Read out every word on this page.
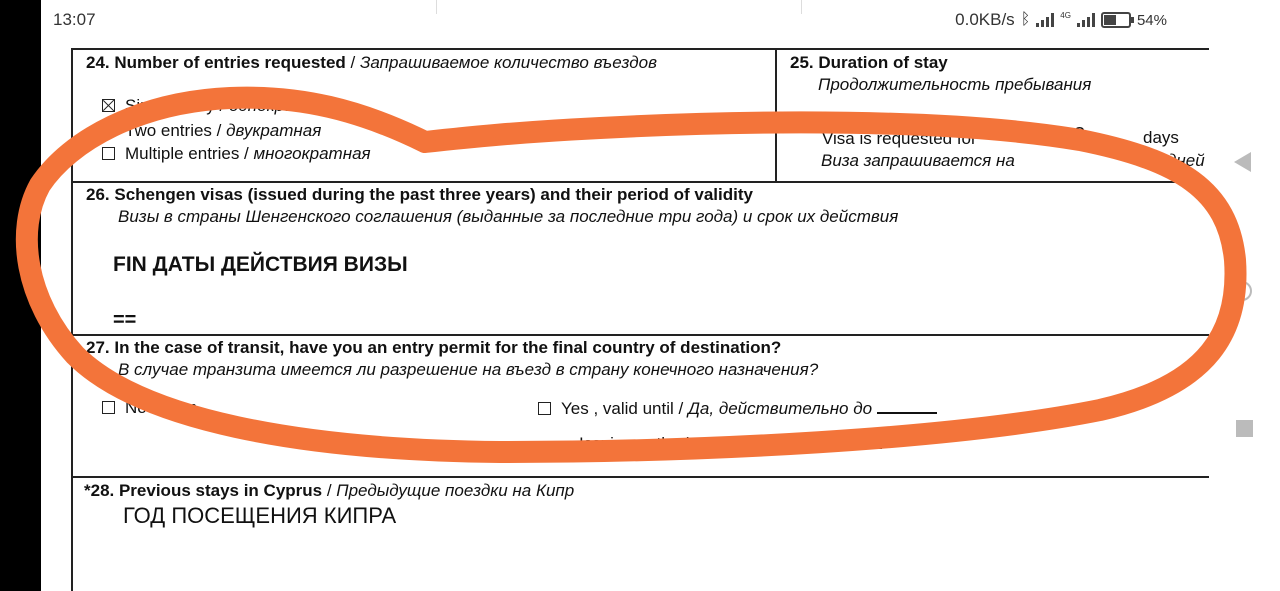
13:07	0.0KB/s ᛒ	4G	54%
24. Number of entries requested / Запрашиваемое количество въездов
Single entry / однократная
Two entries / двукратная
Multiple entries / многократная
25. Duration of stay
Продолжительность пребывания
Visa is requested for	8	days
Виза запрашивается на	дней
26. Schengen visas (issued during the past three years) and their period of validity
Визы в страны Шенгенского соглашения (выданные за последние три года) и срок их действия
FIN ДАТЫ ДЕЙСТВИЯ ВИЗЫ
==
27. In the case of transit, have you an entry permit for the final country of destination?
В случае транзита имеется ли разрешение на въезд в страну конечного назначения?
No / Нет	Yes , valid until / Да, действительно до
Issuing authority / Кем выдано
*28. Previous stays in Cyprus / Предыдущие поездки на Кипр
ГОД ПОСЕЩЕНИЯ КИПРА
